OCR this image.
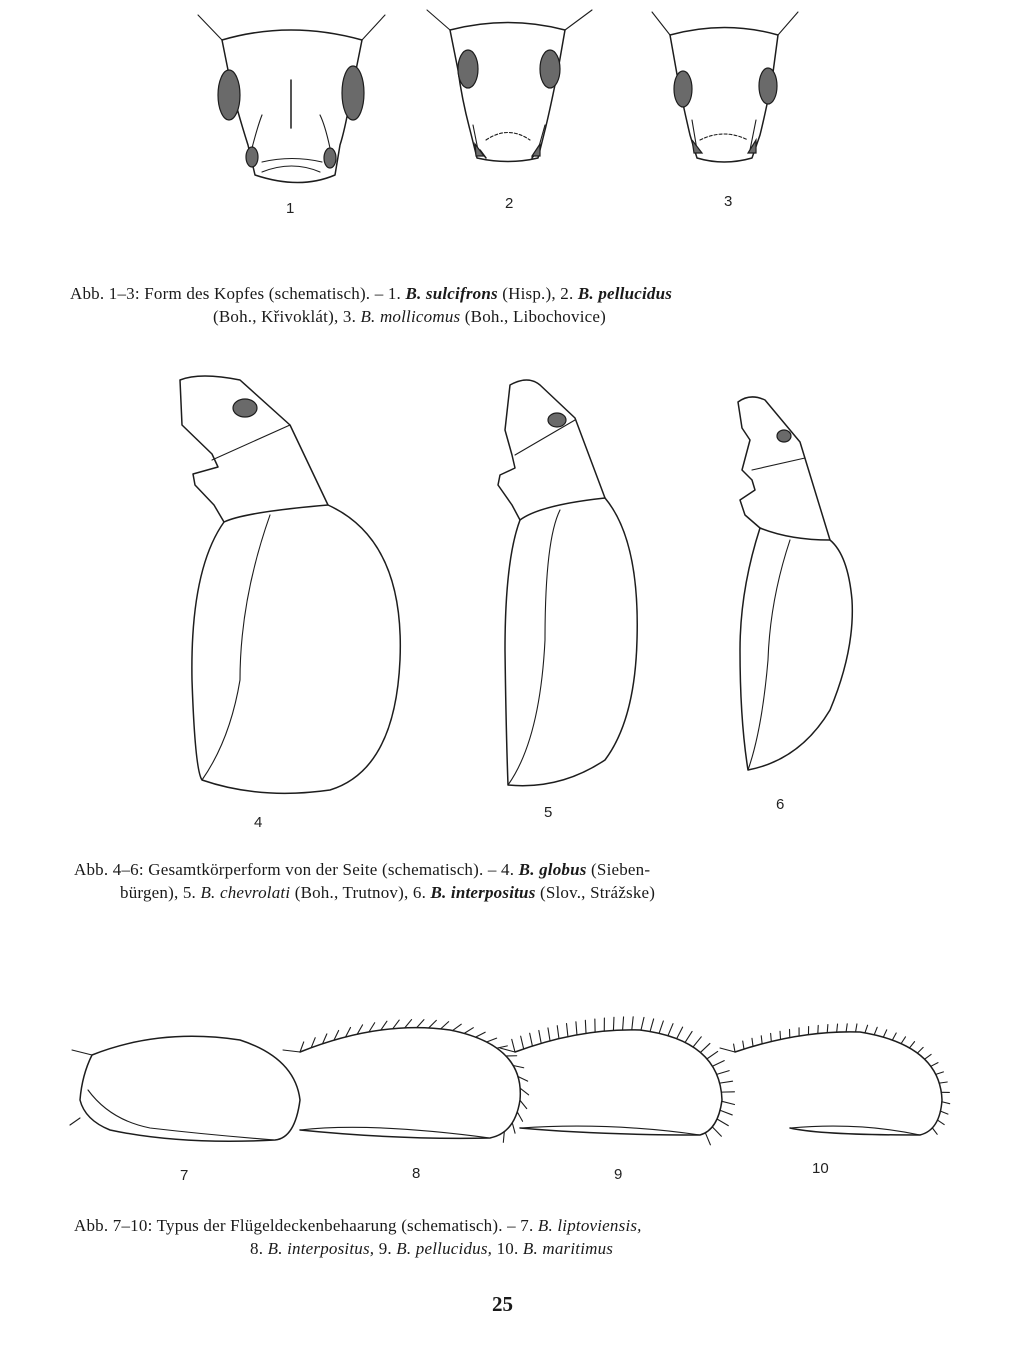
1	2	3
Abb. 1–3: Form des Kopfes (schematisch). – 1. B. sulcifrons (Hisp.), 2. B. pellucidus
(Boh., Křivoklát), 3. B. mollicomus (Boh., Libochovice)
4
5	6
Abb. 4–6: Gesamtkörperform von der Seite (schematisch). – 4. B. globus (Sieben-
bürgen), 5. B. chevrolati (Boh., Trutnov), 6. B. interpositus (Slov., Strážske)
7	8	9	10
Abb. 7–10: Typus der Flügeldeckenbehaarung (schematisch). – 7. B. liptoviensis,
8. B. interpositus, 9. B. pellucidus, 10. B. maritimus
25
